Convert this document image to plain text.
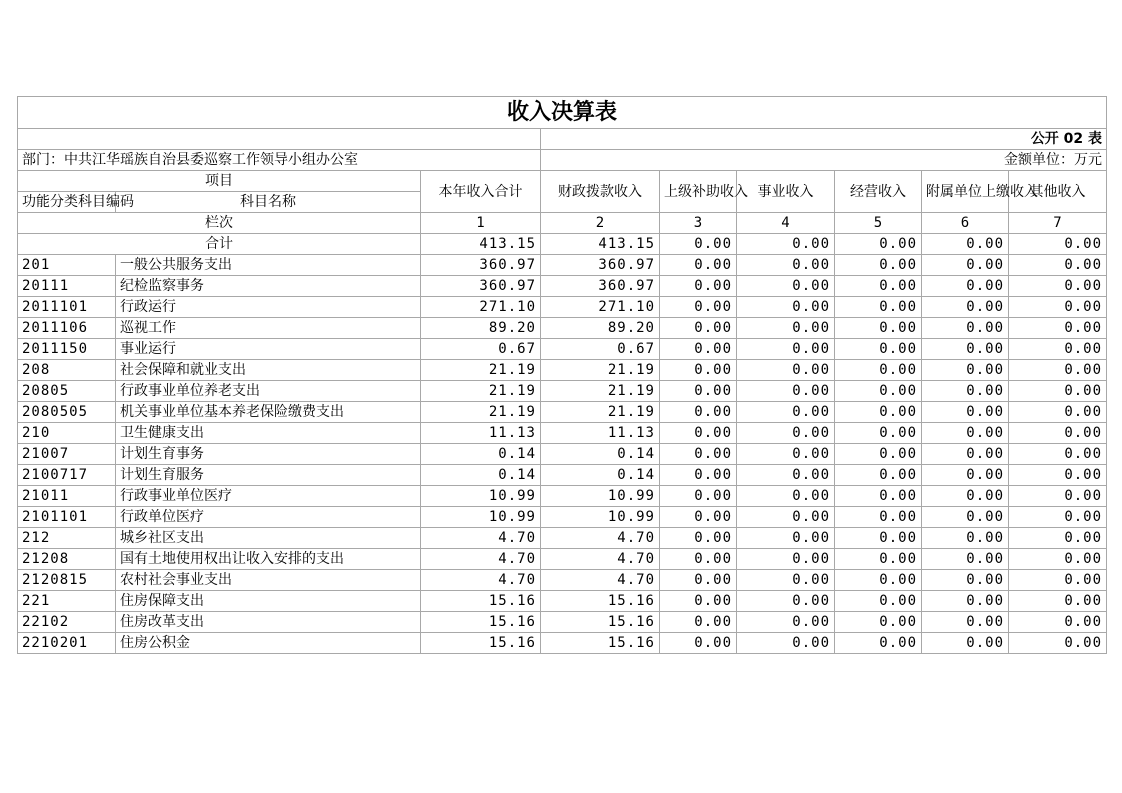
收入决算表								
			公开 02 表					
部门：中共江华瑶族自治县委巡察工作领导小组办公室			金额单位：万元					
项目		本年收入合计	财政拨款收入	上级补助收入	事业收入	经营收入	附属单位上缴收入	其他收入
功能分类科目编码	科目名称							
栏次		1	2	3	4	5	6	7
合计		413.15	413.15	0.00	0.00	0.00	0.00	0.00
201	一般公共服务支出	360.97	360.97	0.00	0.00	0.00	0.00	0.00
20111	纪检监察事务	360.97	360.97	0.00	0.00	0.00	0.00	0.00
2011101	行政运行	271.10	271.10	0.00	0.00	0.00	0.00	0.00
2011106	巡视工作	89.20	89.20	0.00	0.00	0.00	0.00	0.00
2011150	事业运行	0.67	0.67	0.00	0.00	0.00	0.00	0.00
208	社会保障和就业支出	21.19	21.19	0.00	0.00	0.00	0.00	0.00
20805	行政事业单位养老支出	21.19	21.19	0.00	0.00	0.00	0.00	0.00
2080505	机关事业单位基本养老保险缴费支出	21.19	21.19	0.00	0.00	0.00	0.00	0.00
210	卫生健康支出	11.13	11.13	0.00	0.00	0.00	0.00	0.00
21007	计划生育事务	0.14	0.14	0.00	0.00	0.00	0.00	0.00
2100717	计划生育服务	0.14	0.14	0.00	0.00	0.00	0.00	0.00
21011	行政事业单位医疗	10.99	10.99	0.00	0.00	0.00	0.00	0.00
2101101	行政单位医疗	10.99	10.99	0.00	0.00	0.00	0.00	0.00
212	城乡社区支出	4.70	4.70	0.00	0.00	0.00	0.00	0.00
21208	国有土地使用权出让收入安排的支出	4.70	4.70	0.00	0.00	0.00	0.00	0.00
2120815	农村社会事业支出	4.70	4.70	0.00	0.00	0.00	0.00	0.00
221	住房保障支出	15.16	15.16	0.00	0.00	0.00	0.00	0.00
22102	住房改革支出	15.16	15.16	0.00	0.00	0.00	0.00	0.00
2210201	住房公积金	15.16	15.16	0.00	0.00	0.00	0.00	0.00
